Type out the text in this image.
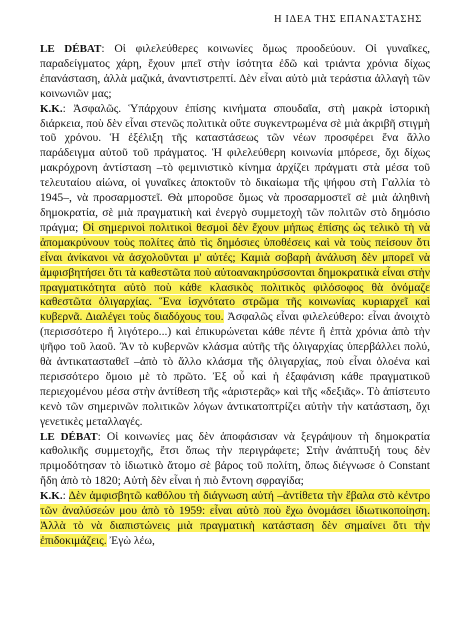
Η ΙΔΕΑ ΤΗΣ ΕΠΑΝΑΣΤΑΣΗΣ

LE DÉBAT: Οἱ φιλελεύθερες κοινωνίες ὅμως προοδεύουν. Οἱ γυναῖκες, παραδείγματος χάρη, ἔχουν μπεῖ στὴν ἰσότητα ἐδῶ καὶ τριάντα χρόνια δίχως ἐπανάσταση, ἀλλὰ μαζικά, ἀναντιστρεπτί. Δὲν εἶναι αὐτὸ μιὰ τεράστια ἀλλαγὴ τῶν κοινωνιῶν μας;

Κ.Κ.: Ἀσφαλῶς. Ὑπάρχουν ἐπίσης κινήματα σπουδαῖα, στὴ μακρὰ ἱστορικὴ διάρκεια, ποὺ δὲν εἶναι στενῶς πολιτικὰ οὔτε συγκεντρωμένα σὲ μιὰ ἀκριβῆ στιγμὴ τοῦ χρόνου. Ἡ ἐξέλιξη τῆς καταστάσεως τῶν νέων προσφέρει ἕνα ἄλλο παράδειγμα αὐτοῦ τοῦ πράγματος. Ἡ φιλελεύθερη κοινωνία μπόρεσε, ὄχι δίχως μακρόχρονη ἀντίσταση –τὸ φεμινιστικὸ κίνημα ἀρχίζει πράγματι στὰ μέσα τοῦ τελευταίου αἰώνα, οἱ γυναῖκες ἀποκτοῦν τὸ δικαίωμα τῆς ψήφου στὴ Γαλλία τὸ 1945–, νὰ προσαρμοστεῖ. Θὰ μποροῦσε ὅμως νὰ προσαρμοστεῖ σὲ μιὰ ἀληθινὴ δημοκρατία, σὲ μιὰ πραγματικὴ καὶ ἐνεργὸ συμμετοχὴ τῶν πολιτῶν στὸ δημόσιο πράγμα; Οἱ σημερινοὶ πολιτικοὶ θεσμοὶ δὲν ἔχουν μήπως ἐπίσης ὡς τελικὸ τὴ νὰ ἀπομακρύνουν τοὺς πολίτες ἀπὸ τὶς δημόσιες ὑποθέσεις καὶ νὰ τοὺς πείσουν ὅτι εἶναι ἀνίκανοι νὰ ἀσχολοῦνται μ' αὐτές; Καμιὰ σοβαρὴ ἀνάλυση δὲν μπορεῖ νὰ ἀμφισβητήσει ὅτι τὰ καθεστῶτα ποὺ αὐτοανακηρύσσονται δημοκρατικὰ εἶναι στὴν πραγματικότητα αὐτὸ ποὺ κάθε κλασικὸς πολιτικὸς φιλόσοφος θὰ ὀνόμαζε καθεστῶτα ὀλιγαρχίας. Ἕνα ἰσχνότατο στρῶμα τῆς κοινωνίας κυριαρχεῖ καὶ κυβερνᾶ. Διαλέγει τοὺς διαδόχους του. Ἀσφαλῶς εἶναι φιλελεύθερο: εἶναι ἀνοιχτὸ (περισσότερο ἤ λιγότερο...) καὶ ἐπικυρώνεται κάθε πέντε ἢ ἑπτὰ χρόνια ἀπὸ τὴν ψῆφο τοῦ λαοῦ. Ἂν τὸ κυβερνῶν κλάσμα αὐτῆς τῆς ὀλιγαρχίας ὑπερβάλλει πολύ, θὰ ἀντικατασταθεῖ –ἀπὸ τὸ ἄλλο κλάσμα τῆς ὀλιγαρχίας, ποὺ εἶναι ὁλοένα καὶ περισσότερο ὅμοιο μὲ τὸ πρῶτο. Ἐξ οὗ καὶ ἡ ἐξαφάνιση κάθε πραγματικοῦ περιεχομένου μέσα στὴν ἀντίθεση τῆς «ἀριστερᾶς» καὶ τῆς «δεξιᾶς». Τὸ ἀπίστευτο κενὸ τῶν σημερινῶν πολιτικῶν λόγων ἀντικατοπτρίζει αὐτὴν τὴν κατάσταση, ὅχι γενετικὲς μεταλλαγές.

LE DÉBAT: Οἱ κοινωνίες μας δὲν ἀποφάσισαν νὰ ξεγράψουν τὴ δημοκρατία καθολικῆς συμμετοχῆς, ἔτσι ὅπως τὴν περιγράφετε; Στὴν ἀνάπτυξή τους δὲν πριμοδότησαν τὸ ἰδιωτικὸ ἄτομο σὲ βάρος τοῦ πολίτη, ὅπως διέγνωσε ὁ Constant ἤδη ἀπὸ τὸ 1820; Αὐτὴ δὲν εἶναι ἡ πιὸ ἔντονη σφραγίδα;

Κ.Κ.: Δὲν ἀμφισβητῶ καθόλου τὴ διάγνωση αὐτή –ἀντίθετα τὴν ἔβαλα στὸ κέντρο τῶν ἀναλύσεών μου ἀπὸ τὸ 1959: εἶναι αὐτὸ ποὺ ἔχω ὀνομάσει ἰδιωτικοποίηση. Ἀλλὰ τὸ νὰ διαπιστώνεις μιὰ πραγματικὴ κατάσταση δὲν σημαίνει ὅτι τὴν ἐπιδοκιμάζεις. Ἐγὼ λέω,
